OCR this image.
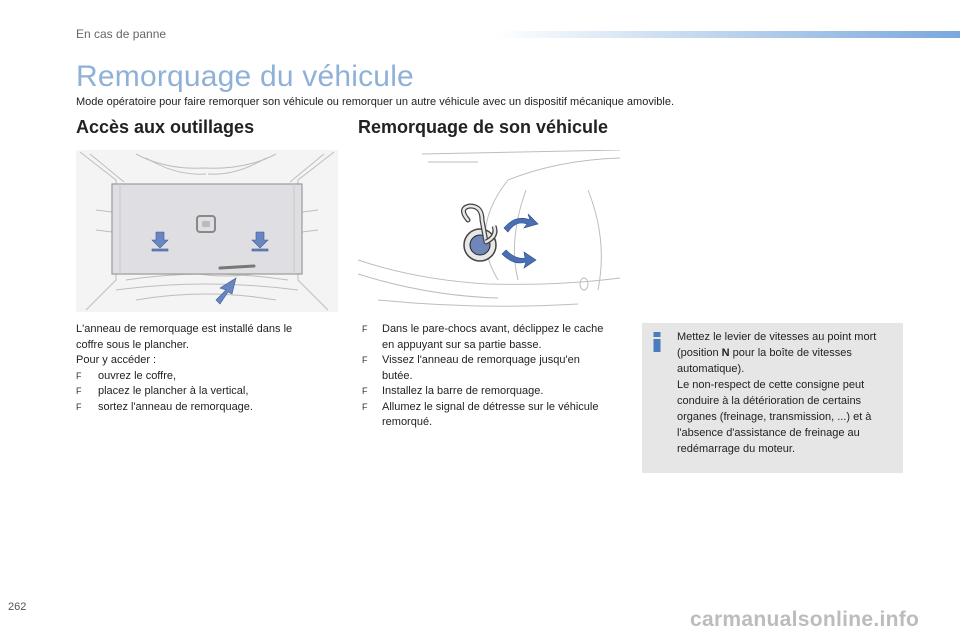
En cas de panne
Remorquage du véhicule
Mode opératoire pour faire remorquer son véhicule ou remorquer un autre véhicule avec un dispositif mécanique amovible.
Accès aux outillages	Remorquage de son véhicule
L'anneau de remorquage est installé dans le
coffre sous le plancher.
Pour y accéder :
F ouvrez le coffre,
F placez le plancher à la vertical,
F sortez l'anneau de remorquage.
F Dans le pare-chocs avant, déclippez le cache en appuyant sur sa partie basse.
F Vissez l'anneau de remorquage jusqu'en butée.
F Installez la barre de remorquage.
F Allumez le signal de détresse sur le véhicule remorqué.
Mettez le levier de vitesses au point mort (position N pour la boîte de vitesses automatique).
Le non-respect de cette consigne peut conduire à la détérioration de certains organes (freinage, transmission, ...) et à l'absence d'assistance de freinage au redémarrage du moteur.
262
carmanualsonline.info
